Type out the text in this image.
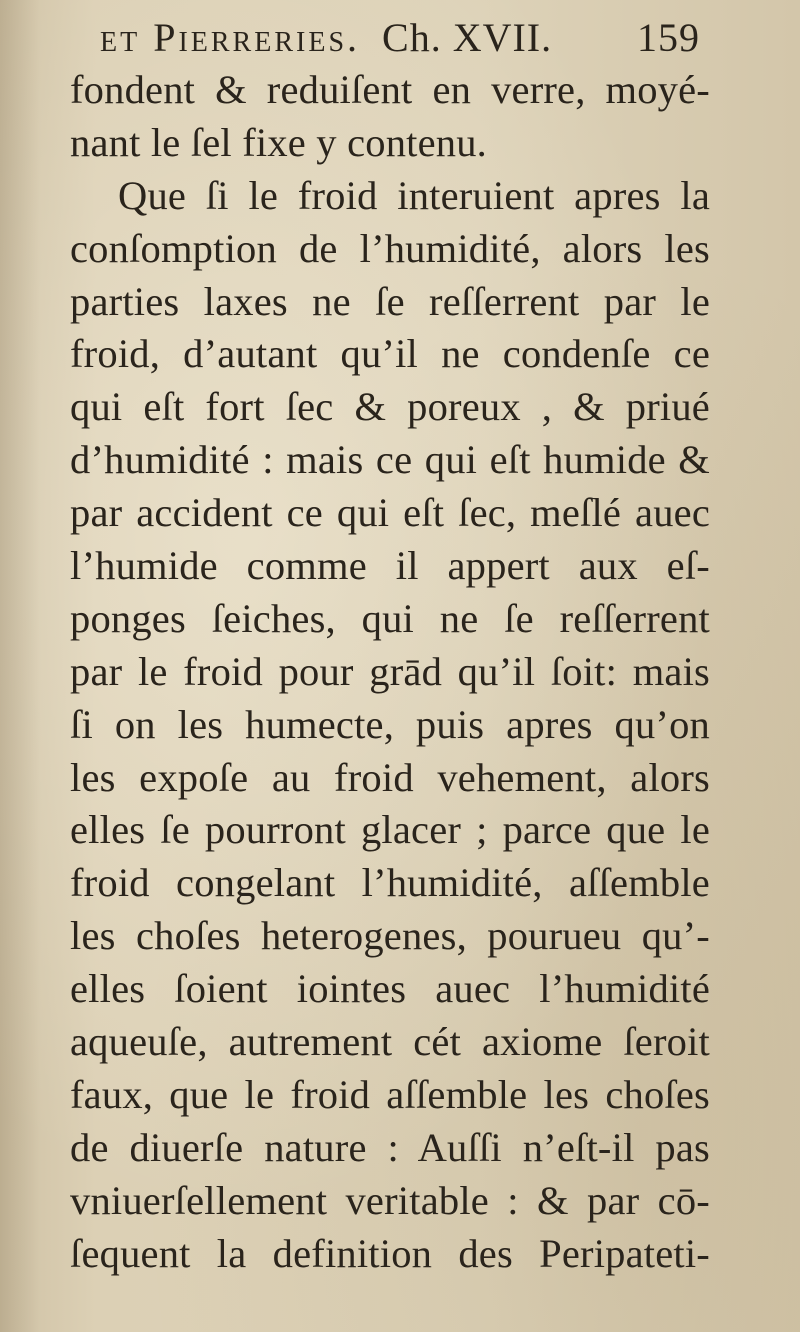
et Pierreries. Ch. XVII. 159
fondent & reduiſent en verre, moyé-
nant le ſel fixe y contenu.
Que ſi le froid interuient apres la
conſomption de l’humidité, alors les
parties laxes ne ſe reſſerrent par le
froid, d’autant qu’il ne condenſe ce
qui eſt fort ſec & poreux , & priué
d’humidité : mais ce qui eſt humide &
par accident ce qui eſt ſec, meſlé auec
l’humide comme il appert aux eſ-
ponges ſeiches, qui ne ſe reſſerrent
par le froid pour grād qu’il ſoit: mais
ſi on les humecte, puis apres qu’on
les expoſe au froid vehement, alors
elles ſe pourront glacer ; parce que le
froid congelant l’humidité, aſſemble
les choſes heterogenes, pourueu qu’-
elles ſoient iointes auec l’humidité
aqueuſe, autrement cét axiome ſeroit
faux, que le froid aſſemble les choſes
de diuerſe nature : Auſſi n’eſt-il pas
vniuerſellement veritable : & par cō-
ſequent la definition des Peripateti-
